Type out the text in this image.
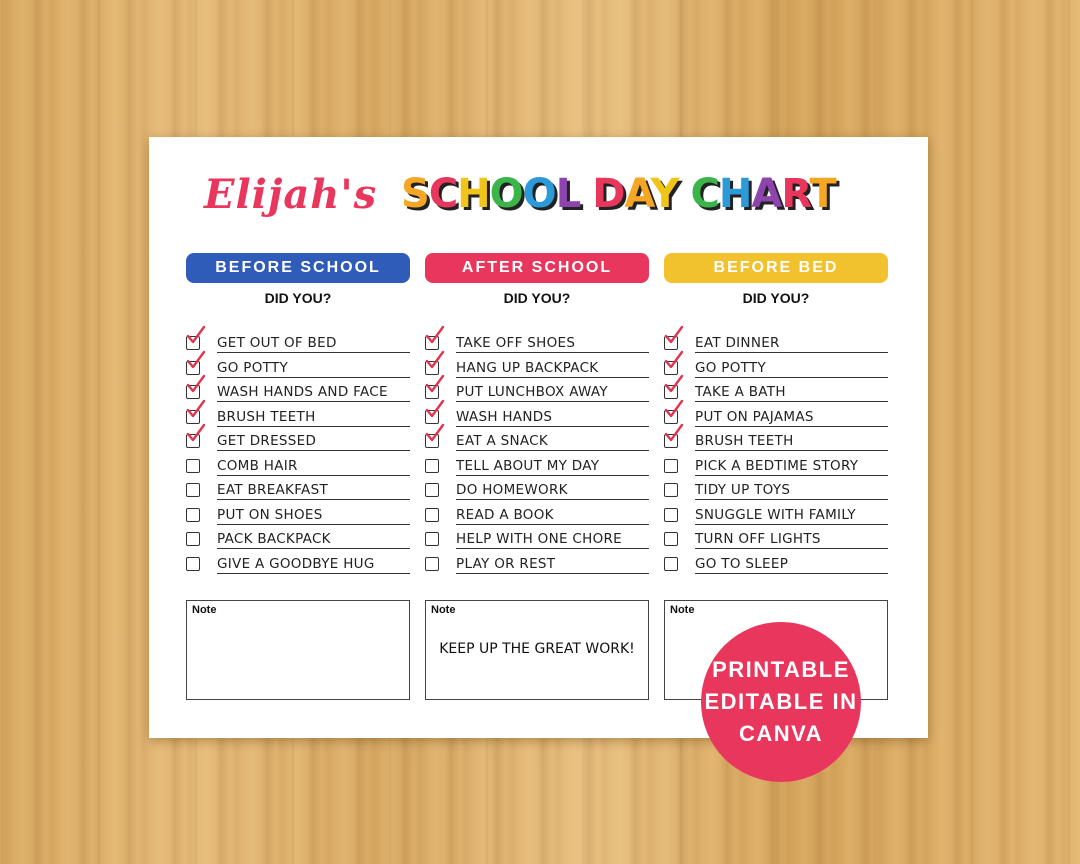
Elijah's SCHOOL DAY CHART
BEFORE SCHOOL
DID YOU?
GET OUT OF BED
GO POTTY
WASH HANDS AND FACE
BRUSH TEETH
GET DRESSED
COMB HAIR
EAT BREAKFAST
PUT ON SHOES
PACK BACKPACK
GIVE A GOODBYE HUG
AFTER SCHOOL
DID YOU?
TAKE OFF SHOES
HANG UP BACKPACK
PUT LUNCHBOX AWAY
WASH HANDS
EAT A SNACK
TELL ABOUT MY DAY
DO HOMEWORK
READ A BOOK
HELP WITH ONE CHORE
PLAY OR REST
BEFORE BED
DID YOU?
EAT DINNER
GO POTTY
TAKE A BATH
PUT ON PAJAMAS
BRUSH TEETH
PICK A BEDTIME STORY
TIDY UP TOYS
SNUGGLE WITH FAMILY
TURN OFF LIGHTS
GO TO SLEEP
Note	Note
KEEP UP THE GREAT WORK!
Note
PRINTABLE
EDITABLE IN
CANVA
